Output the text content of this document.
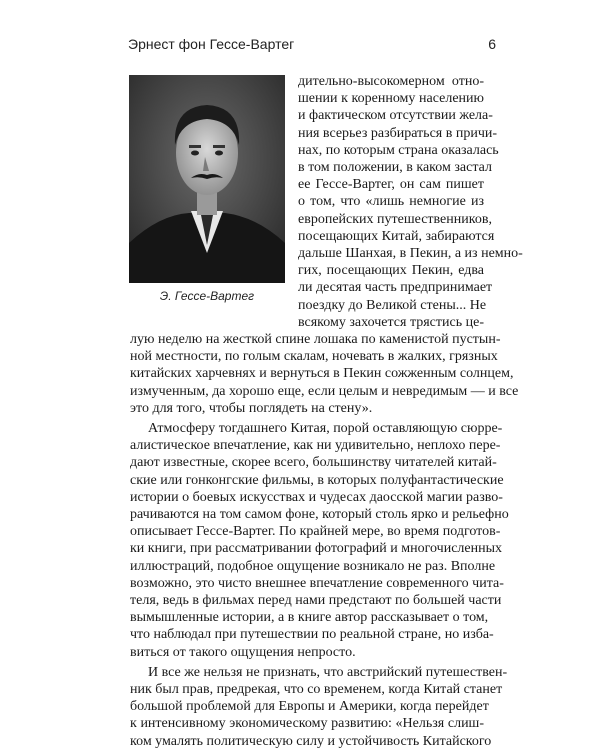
Эрнест фон Гессе-Вартег	6
Э. Гессе-Вартег
дительно-высокомерном отно-
шении к коренному населению
и фактическом отсутствии жела-
ния всерьез разбираться в причи-
нах, по которым страна оказалась
в том положении, в каком застал
ее Гессе-Вартег, он сам пишет
о том, что «лишь немногие из
европейских путешественников,
посещающих Китай, забираются
дальше Шанхая, в Пекин, а из немно-
гих, посещающих Пекин, едва
ли десятая часть предпринимает
поездку до Великой стены... Не
всякому захочется трястись це-
лую неделю на жесткой спине лошака по каменистой пустын-
ной местности, по голым скалам, ночевать в жалких, грязных
китайских харчевнях и вернуться в Пекин сожженным солнцем,
измученным, да хорошо еще, если целым и невредимым — и все
это для того, чтобы поглядеть на стену».
Атмосферу тогдашнего Китая, порой оставляющую сюрре-
алистическое впечатление, как ни удивительно, неплохо пере-
дают известные, скорее всего, большинству читателей китай-
ские или гонконгские фильмы, в которых полуфантастические
истории о боевых искусствах и чудесах даосской магии разво-
рачиваются на том самом фоне, который столь ярко и рельефно
описывает Гессе-Вартег. По крайней мере, во время подготов-
ки книги, при рассматривании фотографий и многочисленных
иллюстраций, подобное ощущение возникало не раз. Вполне
возможно, это чисто внешнее впечатление современного чита-
теля, ведь в фильмах перед нами предстают по большей части
вымышленные истории, а в книге автор рассказывает о том,
что наблюдал при путешествии по реальной стране, но изба-
виться от такого ощущения непросто.
И все же нельзя не признать, что австрийский путешествен-
ник был прав, предрекая, что со временем, когда Китай станет
большой проблемой для Европы и Америки, когда перейдет
к интенсивному экономическому развитию: «Нельзя слиш-
ком умалять политическую силу и устойчивость Китайского
